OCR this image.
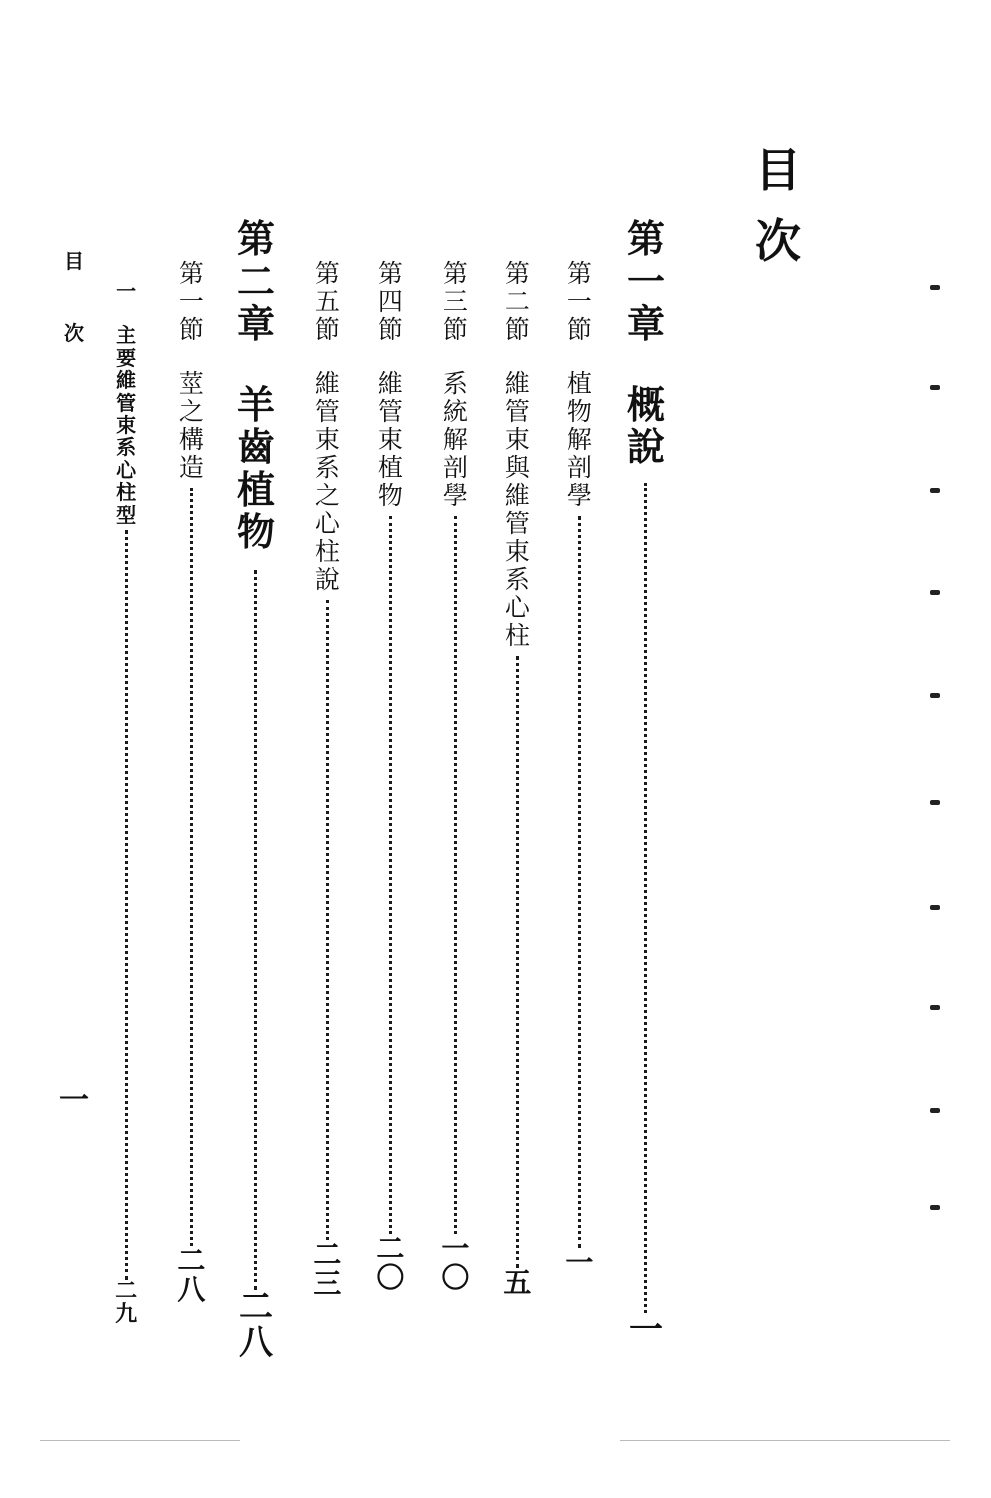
目次
第一章
概說
一
第一節
植物解剖學
一
第二節
維管束與維管束系心柱
五
第三節
系統解剖學
一〇
第四節
維管束植物
二〇
第五節
維管束系之心柱說
二三
第二章
羊齒植物
二八
第一節
莖之構造
二八
一
主要維管束系心柱型
二九
目次
一
